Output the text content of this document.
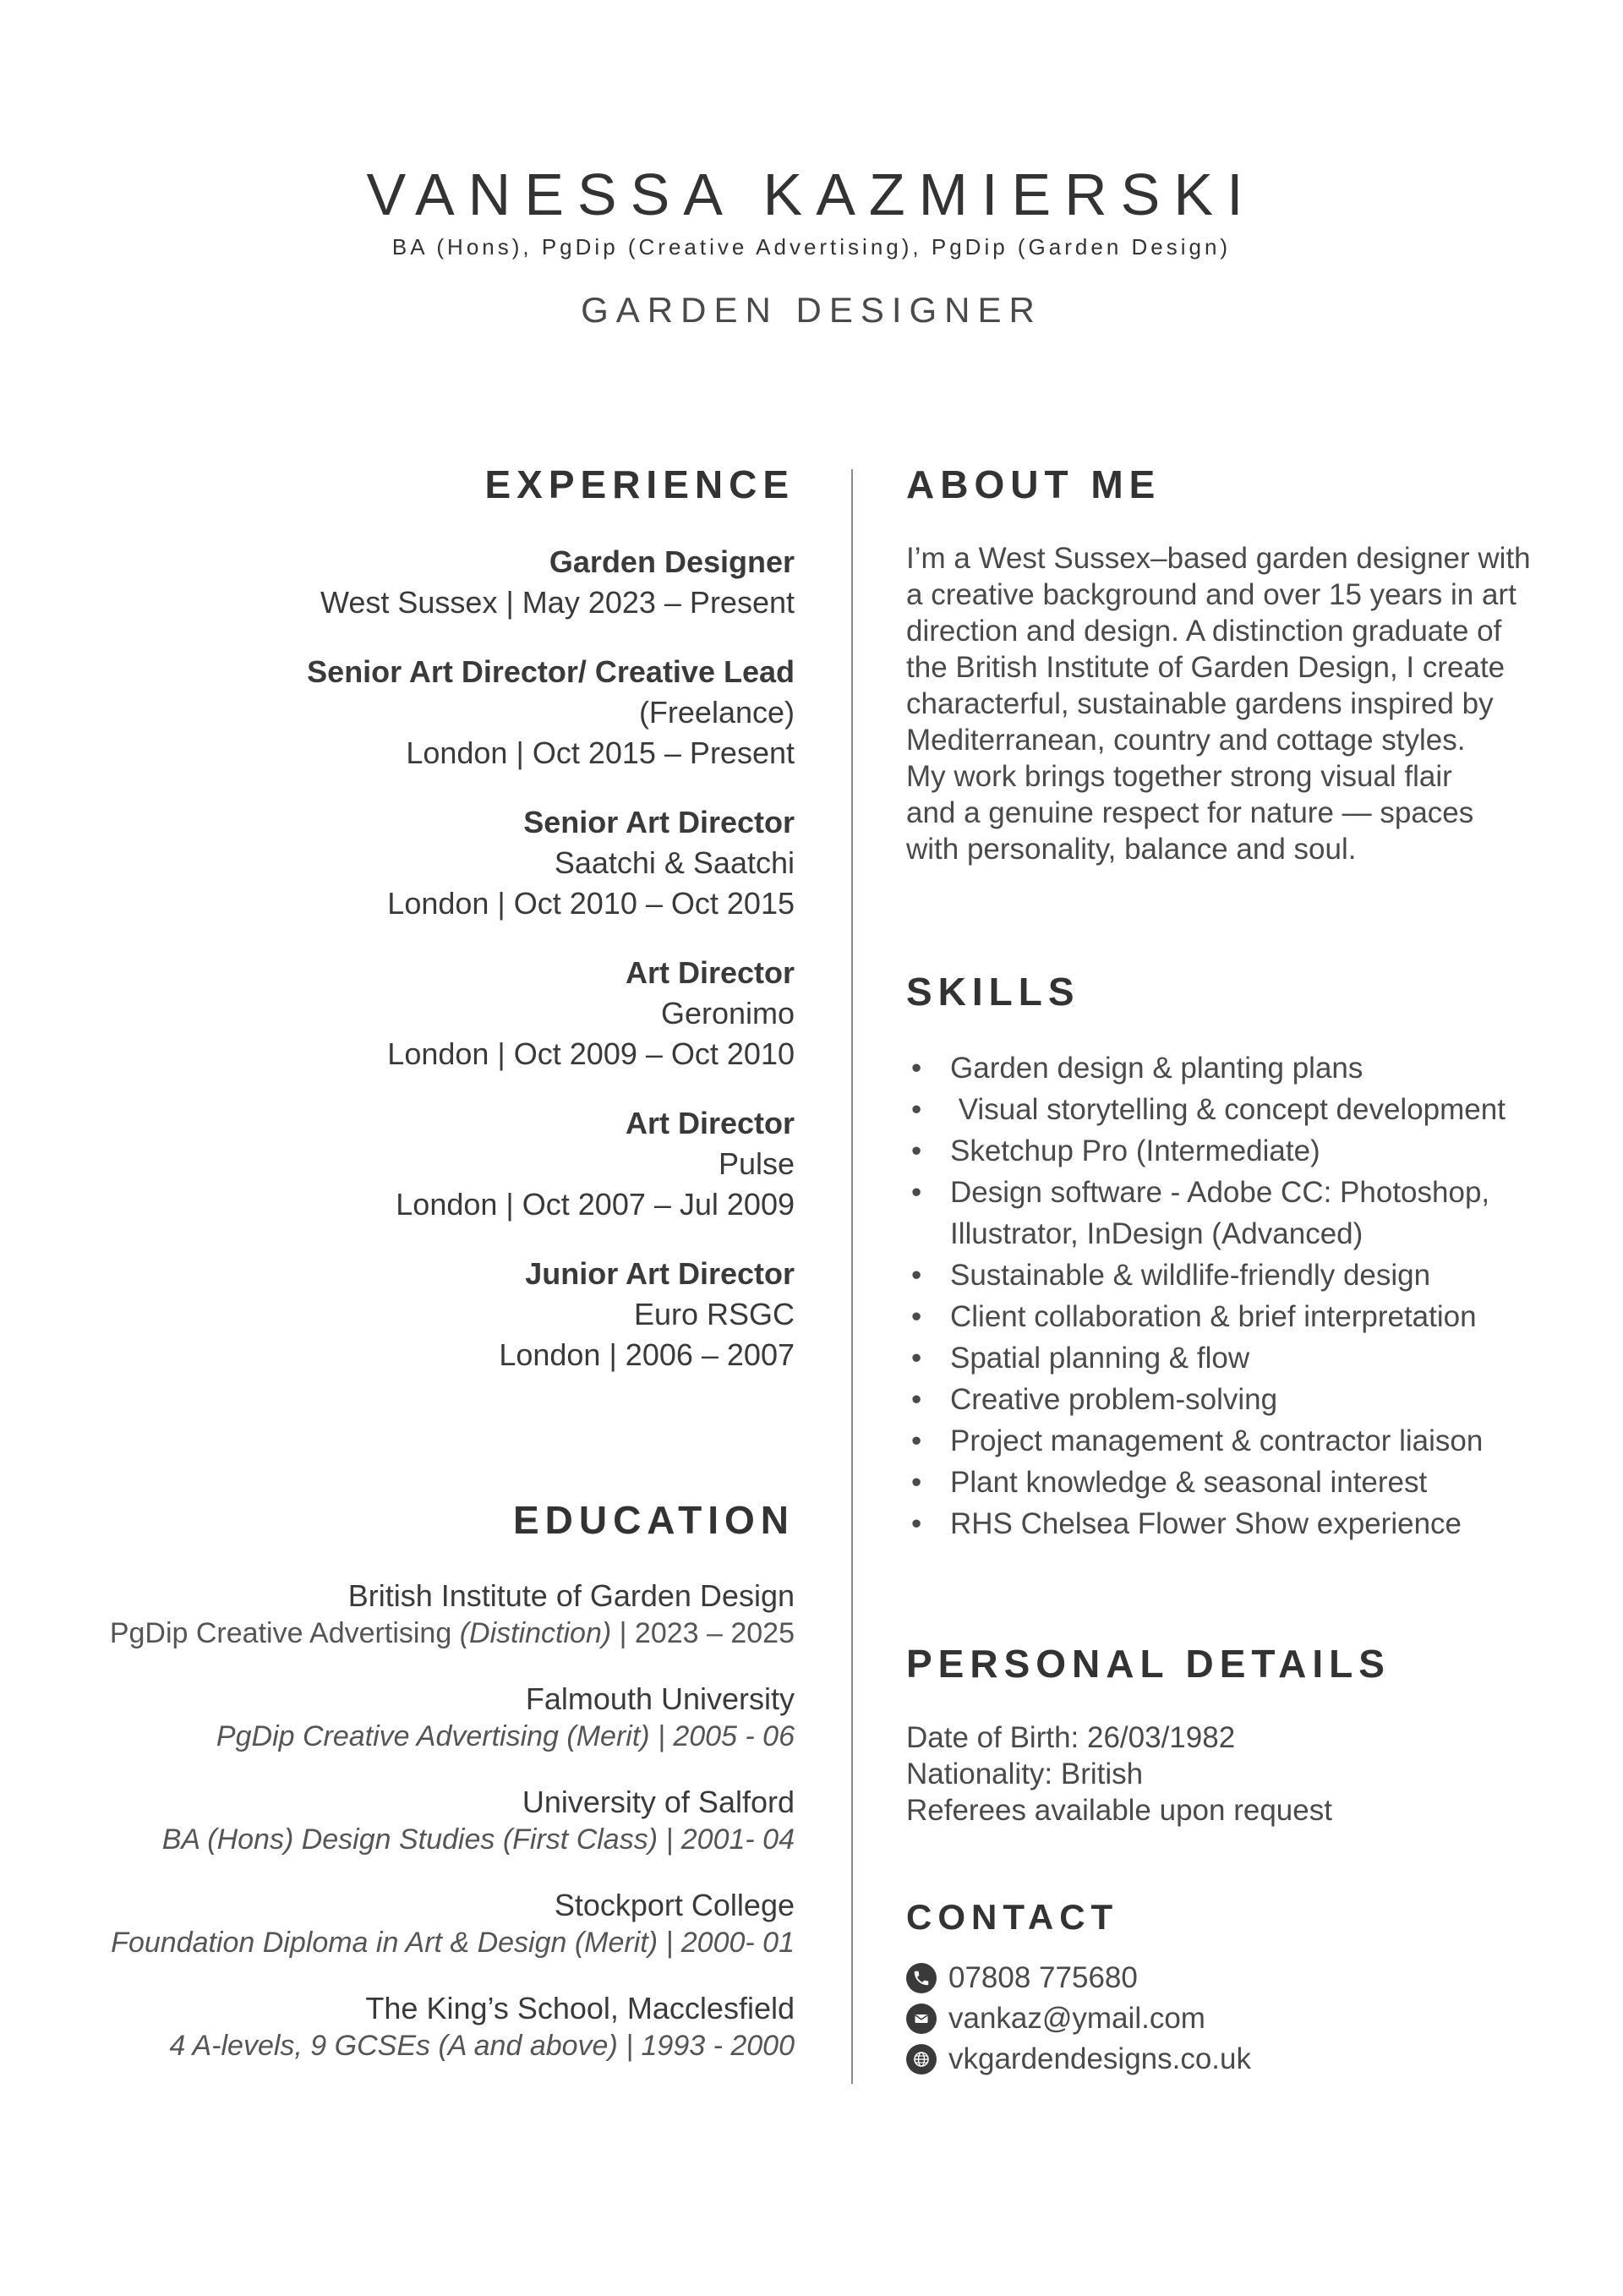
VANESSA KAZMIERSKI
BA (Hons), PgDip (Creative Advertising), PgDip (Garden Design)
GARDEN DESIGNER
EXPERIENCE
Garden Designer
West Sussex | May 2023 – Present
Senior Art Director/ Creative Lead
(Freelance)
London | Oct 2015 – Present
Senior Art Director
Saatchi & Saatchi
London | Oct 2010 – Oct 2015
Art Director
Geronimo
London | Oct 2009 – Oct 2010
Art Director
Pulse
London | Oct 2007 – Jul 2009
Junior Art Director
Euro RSGC
London | 2006 – 2007
EDUCATION
British Institute of Garden Design
PgDip Creative Advertising (Distinction) | 2023 – 2025
Falmouth University
PgDip Creative Advertising (Merit) | 2005 - 06
University of Salford
BA (Hons) Design Studies (First Class) | 2001- 04
Stockport College
Foundation Diploma in Art & Design (Merit) | 2000- 01
The King’s School, Macclesfield
4 A-levels, 9 GCSEs (A and above) | 1993 - 2000
ABOUT ME
I’m a West Sussex–based garden designer with
a creative background and over 15 years in art
direction and design. A distinction graduate of
the British Institute of Garden Design, I create
characterful, sustainable gardens inspired by
Mediterranean, country and cottage styles.
My work brings together strong visual flair
and a genuine respect for nature — spaces
with personality, balance and soul.
SKILLS
• Garden design & planting plans
• Visual storytelling & concept development
• Sketchup Pro (Intermediate)
• Design software - Adobe CC: Photoshop,
Illustrator, InDesign (Advanced)
• Sustainable & wildlife-friendly design
• Client collaboration & brief interpretation
• Spatial planning & flow
• Creative problem-solving
• Project management & contractor liaison
• Plant knowledge & seasonal interest
• RHS Chelsea Flower Show experience
PERSONAL DETAILS
Date of Birth: 26/03/1982
Nationality: British
Referees available upon request
CONTACT
07808 775680
vankaz@ymail.com
vkgardendesigns.co.uk
